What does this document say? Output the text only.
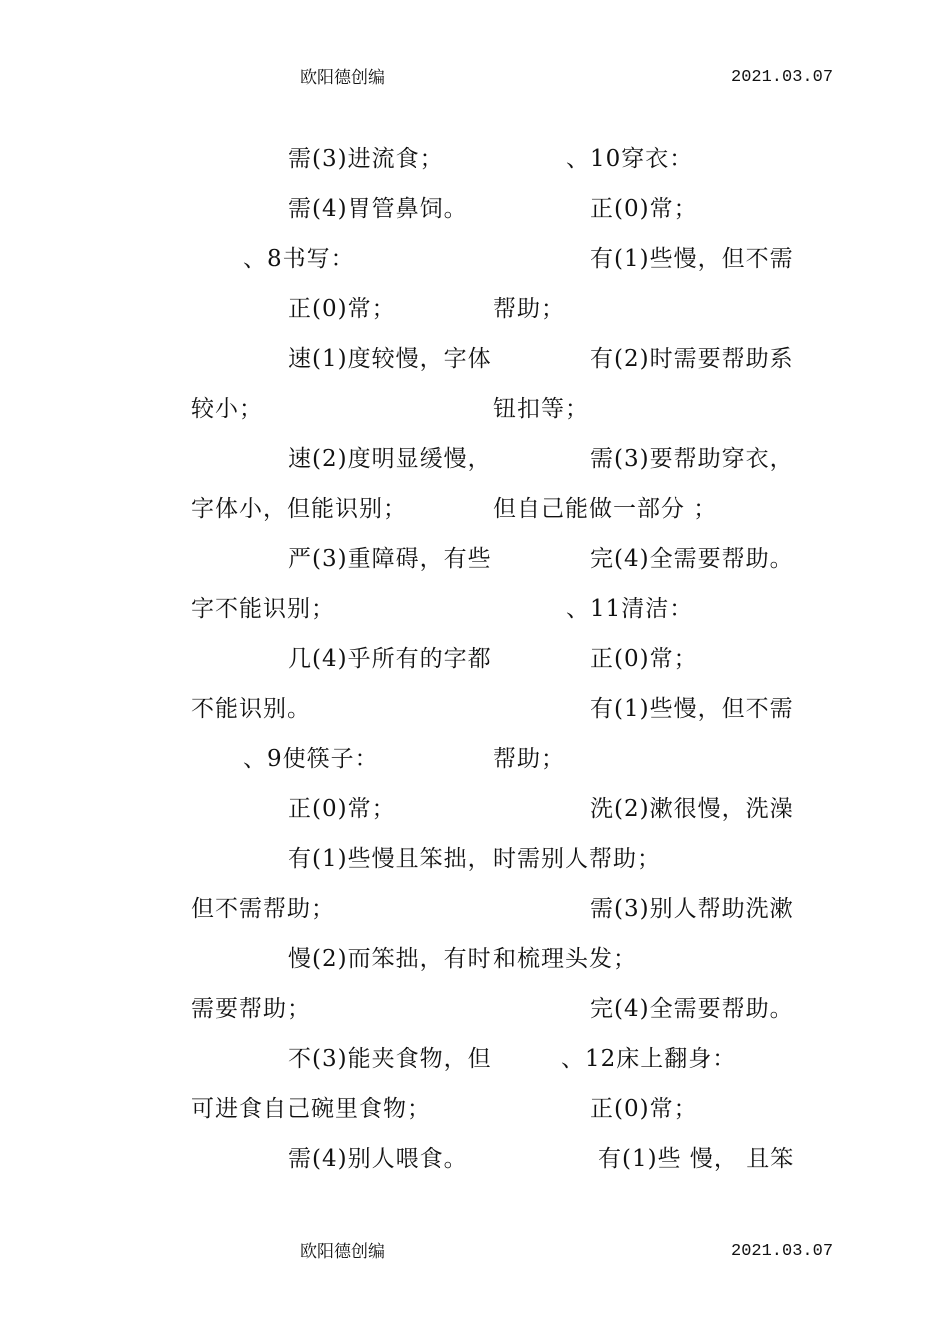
欧阳德创编	2021.03.07
需(3)进流食；
需(4)胃管鼻饲。
、8书写：
正(0)常；
速(1)度较慢，字体
较小；
速(2)度明显缓慢，
字体小，但能识别；
严(3)重障碍，有些
字不能识别；
几(4)乎所有的字都
不能识别。
、9使筷子：
正(0)常；
有(1)些慢且笨拙，
但不需帮助；
慢(2)而笨拙，有时
需要帮助；
不(3)能夹食物，但
可进食自己碗里食物；
需(4)别人喂食。
、10穿衣：
正(0)常；
有(1)些慢，但不需
帮助；
有(2)时需要帮助系
钮扣等；
需(3)要帮助穿衣，
但自己能做一部分 ；
完(4)全需要帮助。
、11清洁：
正(0)常；
有(1)些慢，但不需
帮助；
洗(2)漱很慢，洗澡
时需别人帮助；
需(3)别人帮助洗漱
和梳理头发；
完(4)全需要帮助。
、12床上翻身：
正(0)常；
有(1)些 慢， 且笨
欧阳德创编	2021.03.07
